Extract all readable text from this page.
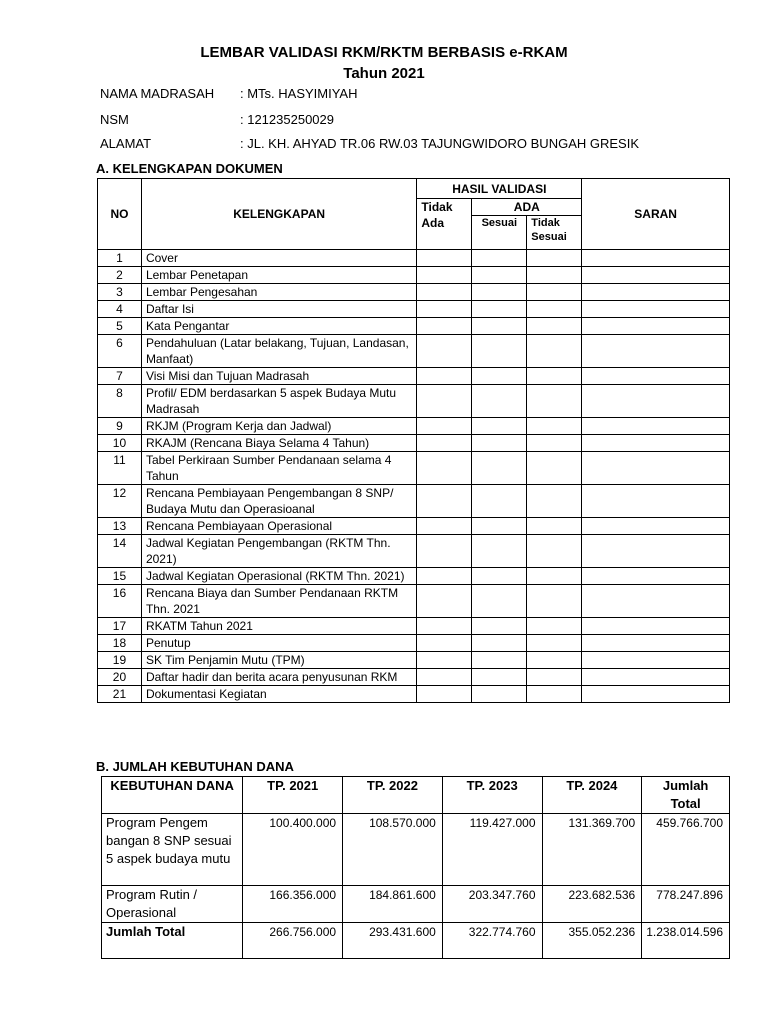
LEMBAR VALIDASI RKM/RKTM BERBASIS e-RKAM
Tahun 2021
NAMA MADRASAH : MTs. HASYIMIYAH
NSM	: 121235250029
ALAMAT	: JL. KH. AHYAD TR.06 RW.03 TAJUNGWIDORO BUNGAH GRESIK
A. KELENGKAPAN DOKUMEN
NO	KELENGKAPAN	HASIL VALIDASI			SARAN
		Tidak Ada	ADA		
			Sesuai	Tidak Sesuai	
1	Cover				
2	Lembar Penetapan				
3	Lembar Pengesahan				
4	Daftar Isi				
5	Kata Pengantar				
6	Pendahuluan (Latar belakang, Tujuan, Landasan, Manfaat)				
7	Visi Misi dan Tujuan Madrasah				
8	Profil/ EDM berdasarkan 5 aspek Budaya Mutu Madrasah				
9	RKJM (Program Kerja dan Jadwal)				
10	RKAJM (Rencana Biaya Selama 4 Tahun)				
11	Tabel Perkiraan Sumber Pendanaan selama 4 Tahun				
12	Rencana Pembiayaan Pengembangan 8 SNP/ Budaya Mutu dan Operasioanal				
13	Rencana Pembiayaan Operasional				
14	Jadwal Kegiatan Pengembangan (RKTM Thn. 2021)				
15	Jadwal Kegiatan Operasional (RKTM Thn. 2021)				
16	Rencana Biaya dan Sumber Pendanaan RKTM Thn. 2021				
17	RKATM Tahun 2021				
18	Penutup				
19	SK Tim Penjamin Mutu (TPM)				
20	Daftar hadir dan berita acara penyusunan RKM				
21	Dokumentasi Kegiatan				
B. JUMLAH KEBUTUHAN DANA
KEBUTUHAN DANA	TP. 2021	TP. 2022	TP. 2023	TP. 2024	Jumlah Total
Program Pengem bangan 8 SNP sesuai 5 aspek budaya mutu	100.400.000	108.570.000	119.427.000	131.369.700	459.766.700
Program Rutin / Operasional	166.356.000	184.861.600	203.347.760	223.682.536	778.247.896
Jumlah Total	266.756.000	293.431.600	322.774.760	355.052.236	1.238.014.596
